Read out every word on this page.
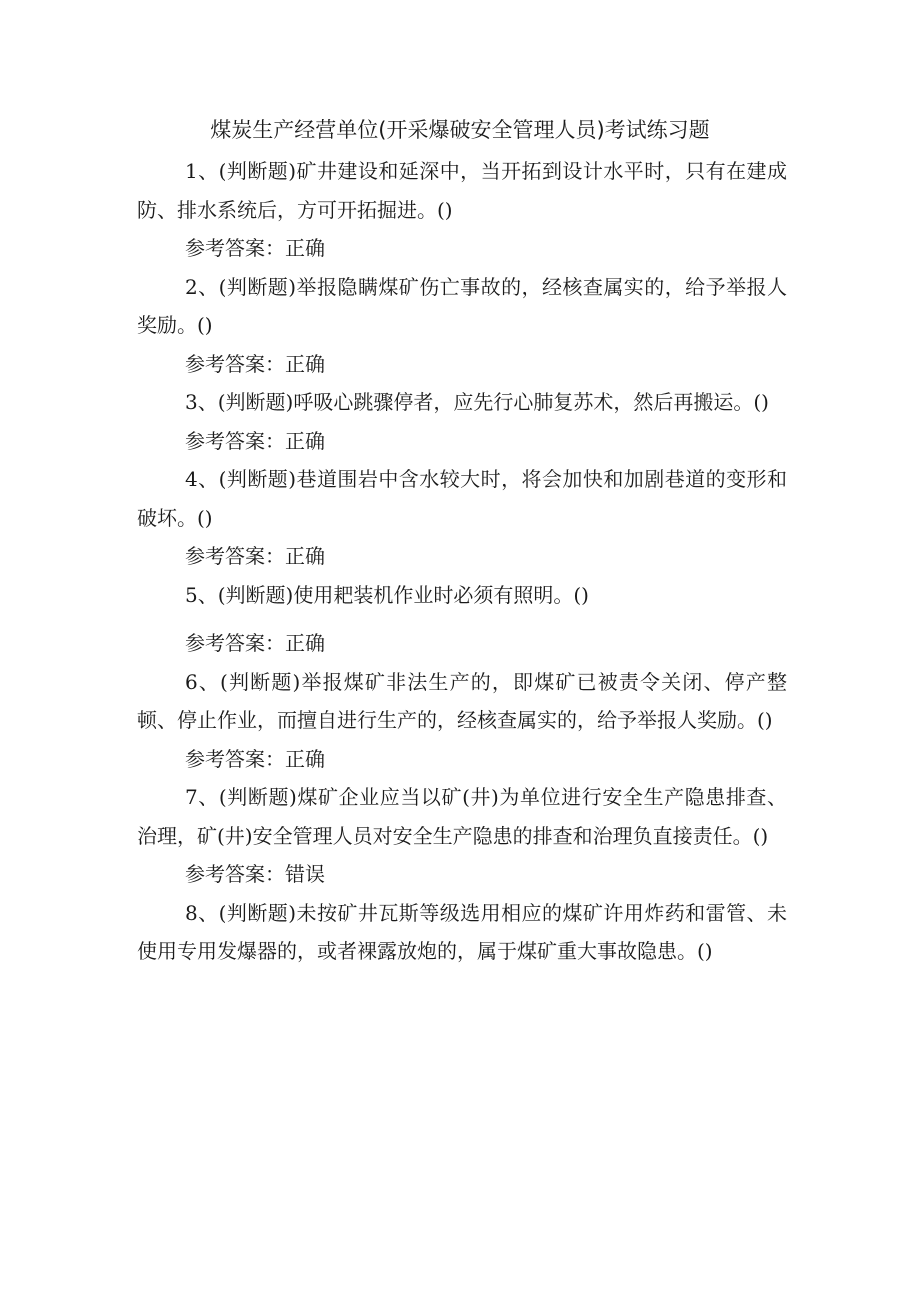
煤炭生产经营单位(开采爆破安全管理人员)考试练习题

1、(判断题)矿井建设和延深中，当开拓到设计水平时，只有在建成防、排水系统后，方可开拓掘进。()

参考答案：正确

2、(判断题)举报隐瞒煤矿伤亡事故的，经核查属实的，给予举报人奖励。()

参考答案：正确

3、(判断题)呼吸心跳骤停者，应先行心肺复苏术，然后再搬运。()

参考答案：正确

4、(判断题)巷道围岩中含水较大时，将会加快和加剧巷道的变形和破坏。()

参考答案：正确

5、(判断题)使用耙装机作业时必须有照明。()

参考答案：正确

6、(判断题)举报煤矿非法生产的，即煤矿已被责令关闭、停产整顿、停止作业，而擅自进行生产的，经核查属实的，给予举报人奖励。()

参考答案：正确

7、(判断题)煤矿企业应当以矿(井)为单位进行安全生产隐患排查、治理，矿(井)安全管理人员对安全生产隐患的排查和治理负直接责任。()

参考答案：错误

8、(判断题)未按矿井瓦斯等级选用相应的煤矿许用炸药和雷管、未使用专用发爆器的，或者裸露放炮的，属于煤矿重大事故隐患。()
